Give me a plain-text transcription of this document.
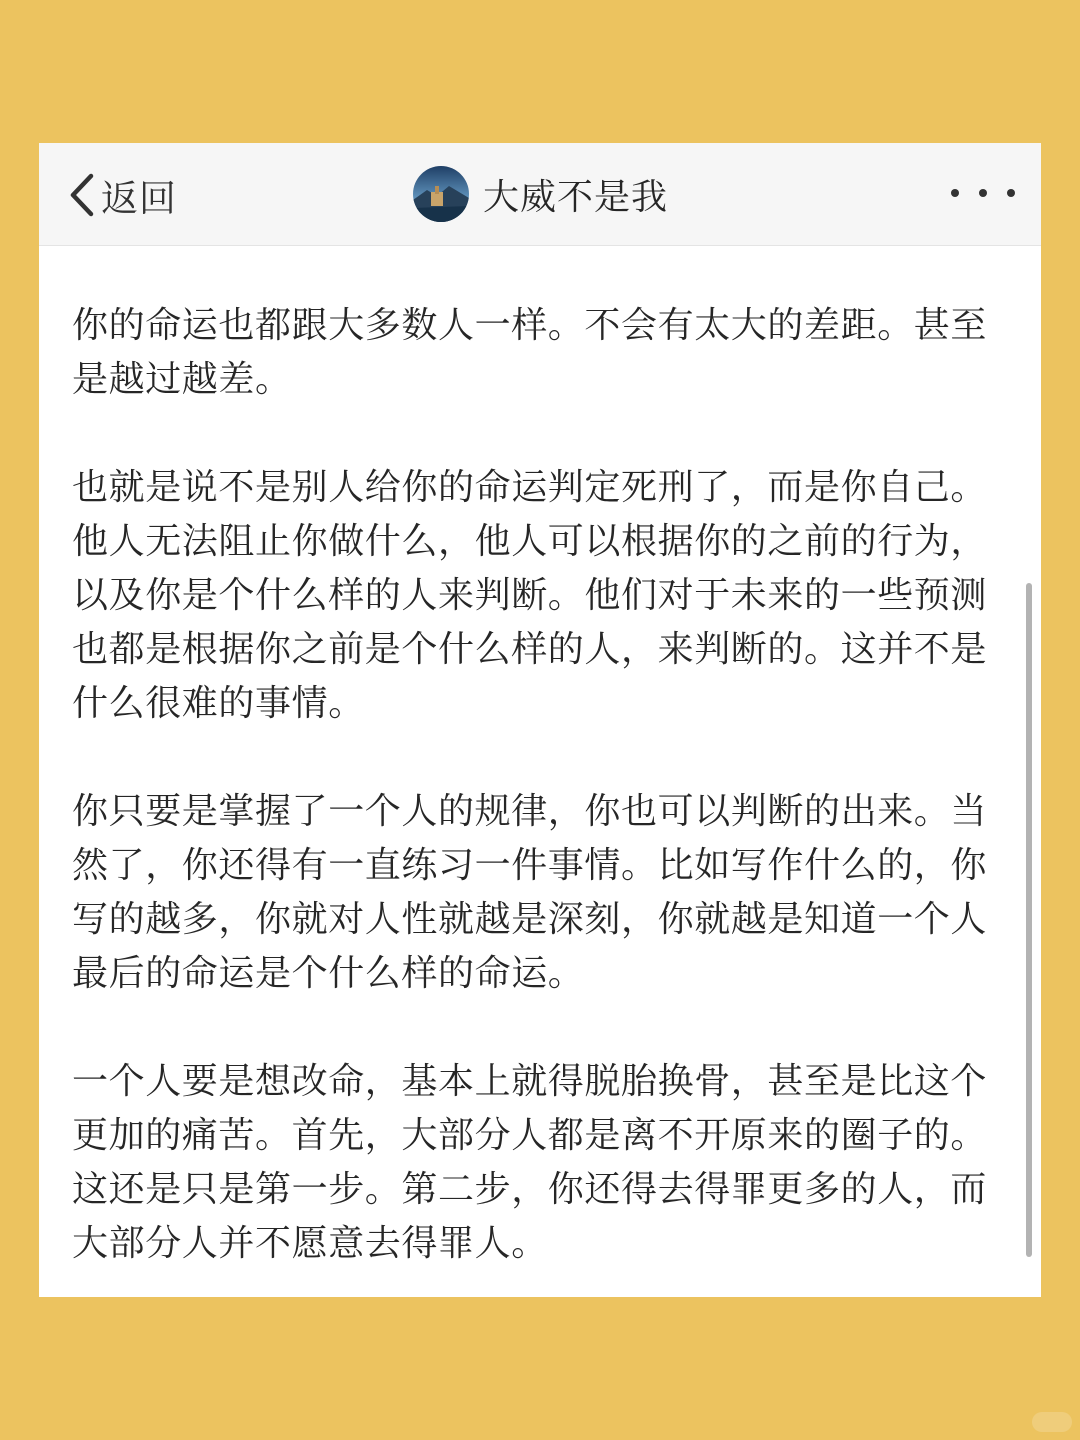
返回	大威不是我

你的命运也都跟大多数人一样。不会有太大的差距。甚至是越过越差。

也就是说不是别人给你的命运判定死刑了，而是你自己。他人无法阻止你做什么，他人可以根据你的之前的行为，以及你是个什么样的人来判断。他们对于未来的一些预测也都是根据你之前是个什么样的人，来判断的。这并不是什么很难的事情。

你只要是掌握了一个人的规律，你也可以判断的出来。当然了，你还得有一直练习一件事情。比如写作什么的，你写的越多，你就对人性就越是深刻，你就越是知道一个人最后的命运是个什么样的命运。

一个人要是想改命，基本上就得脱胎换骨，甚至是比这个更加的痛苦。首先，大部分人都是离不开原来的圈子的。这还是只是第一步。第二步，你还得去得罪更多的人，而大部分人并不愿意去得罪人。
